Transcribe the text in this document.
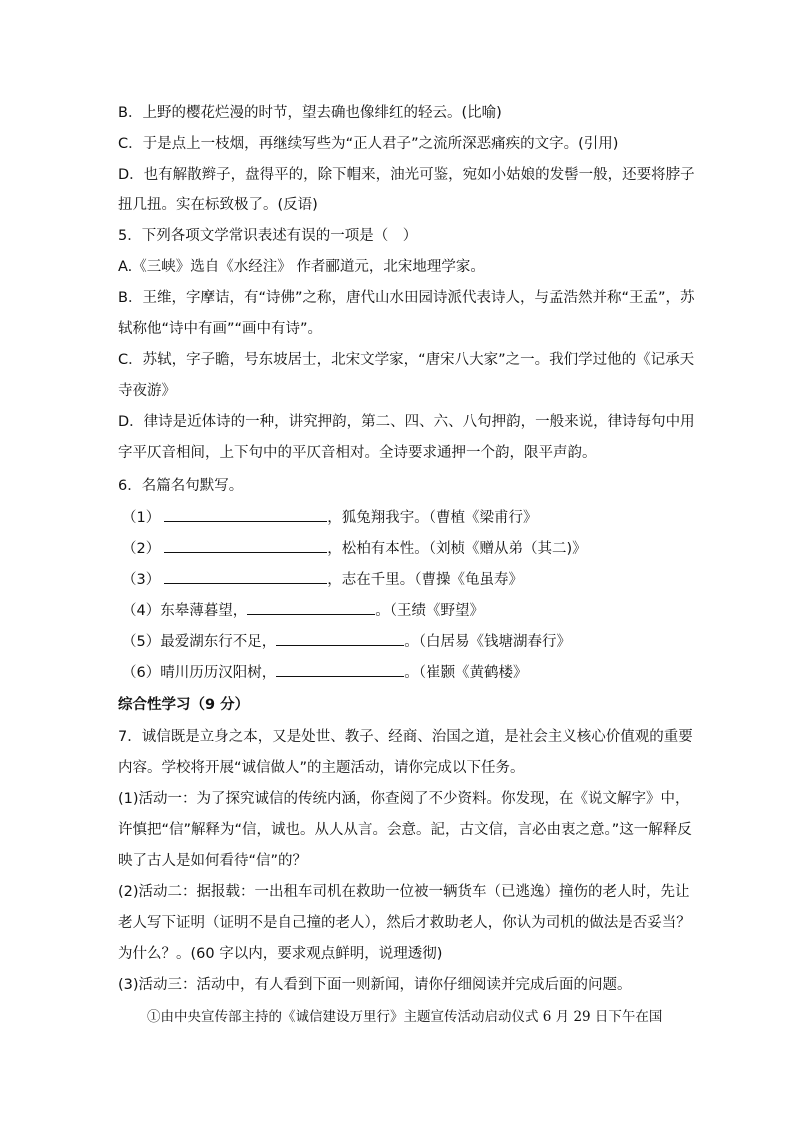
B．上野的樱花烂漫的时节，望去确也像绯红的轻云。(比喻)
C．于是点上一枝烟，再继续写些为“正人君子”之流所深恶痛疾的文字。(引用)
D．也有解散辫子，盘得平的，除下帽来，油光可鉴，宛如小姑娘的发髻一般，还要将脖子
扭几扭。实在标致极了。(反语)
5．下列各项文学常识表述有误的一项是（　）
A.《三峡》选自《水经注》 作者郦道元，北宋地理学家。
B．王维，字摩诘，有“诗佛”之称，唐代山水田园诗派代表诗人，与孟浩然并称“王孟”，苏
轼称他“诗中有画”“画中有诗”。
C．苏轼，字子瞻，号东坡居士，北宋文学家，“唐宋八大家”之一。我们学过他的《记承天
寺夜游》
D．律诗是近体诗的一种，讲究押韵，第二、四、六、八句押韵，一般来说，律诗每句中用
字平仄音相间，上下句中的平仄音相对。全诗要求通押一个韵，限平声韵。
6．名篇名句默写。
（1）	，狐兔翔我宇。（曹植《梁甫行》
（2）	，松柏有本性。（刘桢《赠从弟（其二)》
（3）	，志在千里。（曹操《龟虽寿》
（4）东皋薄暮望，	。（王绩《野望》
（5）最爱湖东行不足，	。（白居易《钱塘湖春行》
（6）晴川历历汉阳树，	。（崔颢《黄鹤楼》
综合性学习（9 分）
7．诚信既是立身之本，又是处世、教子、经商、治国之道，是社会主义核心价值观的重要
内容。学校将开展“诚信做人”的主题活动，请你完成以下任务。
(1)活动一：为了探究诚信的传统内涵，你查阅了不少资料。你发现，在《说文解字》中，
许慎把“信”解释为“信，诚也。从人从言。会意。記，古文信，言必由衷之意。”这一解释反
映了古人是如何看待“信”的？
(2)活动二：据报载：一出租车司机在救助一位被一辆货车（已逃逸）撞伤的老人时，先让
老人写下证明（证明不是自己撞的老人），然后才救助老人，你认为司机的做法是否妥当？
为什么？。(60 字以内，要求观点鲜明，说理透彻)
(3)活动三：活动中，有人看到下面一则新闻，请你仔细阅读并完成后面的问题。
①由中央宣传部主持的《诚信建设万里行》主题宣传活动启动仪式 6 月 29 日下午在国
